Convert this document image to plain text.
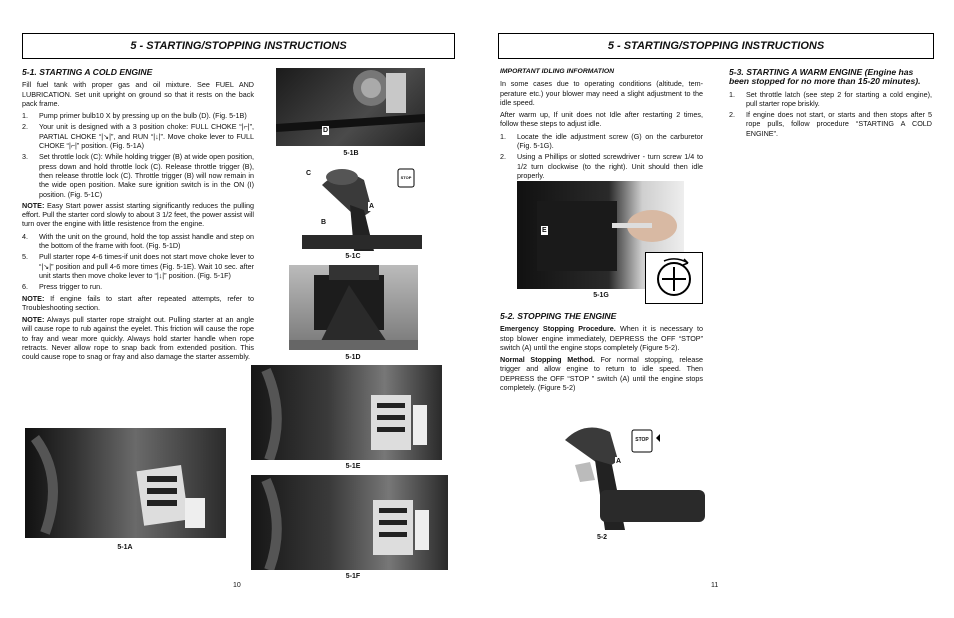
5 - STARTING/STOPPING INSTRUCTIONS	5 - STARTING/STOPPING INSTRUCTIONS
5-1. STARTING A COLD ENGINE

Fill fuel tank with proper gas and oil mixture. See FUEL AND LUBRICATION. Set unit upright on ground so that it rests on the back pack frame.

1.	Pump primer bulb10 X by pressing up on the bulb (D). (Fig. 5-1B)
2.	Your unit is designed with a 3 position choke: FULL CHOKE “|⌐|”, PARTIAL CHOKE “|↘|”, and RUN “|↓|”. Move choke lever to FULL CHOKE “|⌐|” position. (Fig. 5-1A)
3.	Set throttle lock (C): While holding trigger (B) at wide open position, press down and hold throttle lock (C). Release throttle trigger (B), then release throttle lock (C). Throttle trigger (B) will now remain in the wide open position. Make sure ignition switch is in the ON (I) position. (Fig. 5-1C)

NOTE: Easy Start power assist starting significantly reduces the pulling effort. Pull the starter cord slowly to about 3 1/2 feet, the power assist will turn over the engine with little resistence from the engine.

4.	With the unit on the ground, hold the top assist handle and step on the bottom of the frame with foot. (Fig. 5-1D)
5.	Pull starter rope 4-6 times-if unit does not start move choke lever to “|↘|” position and pull 4-6 more times (Fig. 5-1E). Wait 10 sec. after unit starts then move choke lever to “|↓|” position. (Fig. 5-1F)
6.	Press trigger to run.

NOTE: If engine fails to start after repeated attempts, refer to Troubleshooting section.

NOTE: Always pull starter rope straight out. Pulling starter at an angle will cause rope to rub against the eyelet. This friction will cause the rope to fray and wear more quickly. Always hold starter handle when rope retracts. Never allow rope to snap back from extended position. This could cause rope to snag or fray and also damage the starter assembly.

5-1A
D
5-1B
C
B
A
STOP
5-1C
5-1D
5-1E
5-1F
10
IMPORTANT IDLING INFORMATION

In some cases due to operating conditions (altitude, tem-perature etc.) your blower may need a slight adjustment to the idle speed.

After warm up, If unit does not Idle after restarting 2 times, follow these steps to adjust idle.

1.	Locate the idle adjustment screw (G) on the carburetor (Fig. 5-1G).
2.	Using a Phillips or slotted screwdriver - turn screw 1/4 to 1/2 turn clockwise (to the right). Unit should then idle properly.
E
5-1G
5-2. STOPPING THE ENGINE

Emergency Stopping Procedure. When it is necessary to stop blower engine immediately, DEPRESS the OFF “STOP” switch (A) until the engine stops completely (Figure 5-2).

Normal Stopping Method. For normal stopping, release trigger and allow engine to return to idle speed. Then DEPRESS the OFF “STOP ” switch (A) until the engine stops completely. (Figure 5-2)

STOP
A
5-2
11
5-3. STARTING A WARM ENGINE (Engine has been stopped for no more than 15-20 minutes).
1.	Set throttle latch (see step 2 for starting a cold engine), pull starter rope briskly.
2.	If engine does not start, or starts and then stops after 5 rope pulls, follow procedure “STARTING A COLD ENGINE”.
